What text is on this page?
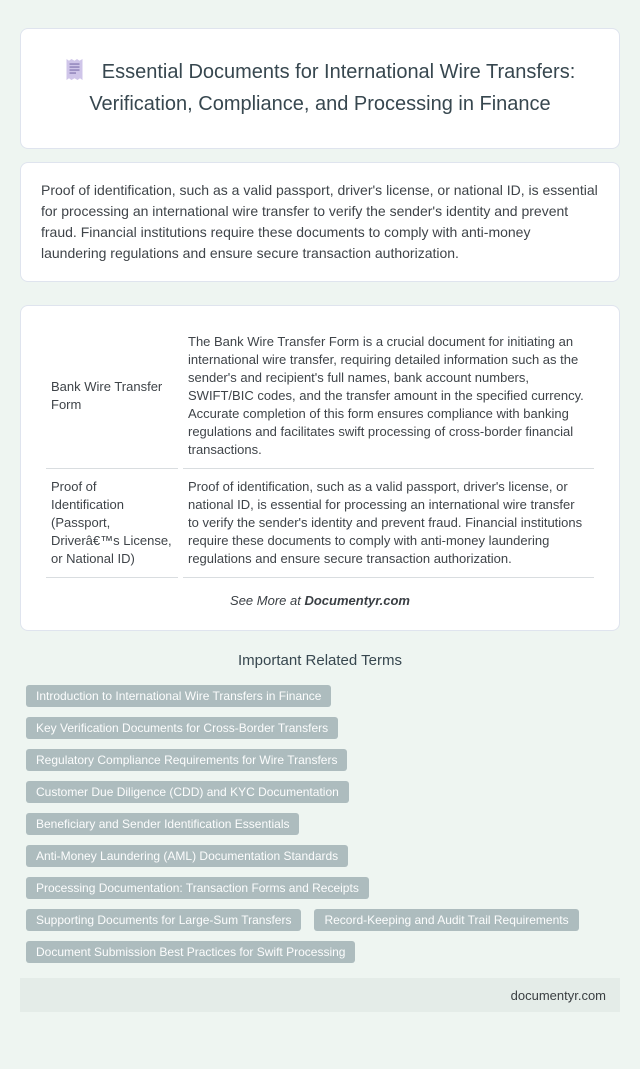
Essential Documents for International Wire Transfers: Verification, Compliance, and Processing in Finance

Proof of identification, such as a valid passport, driver's license, or national ID, is essential for processing an international wire transfer to verify the sender's identity and prevent fraud. Financial institutions require these documents to comply with anti-money laundering regulations and ensure secure transaction authorization.

Bank Wire Transfer Form	The Bank Wire Transfer Form is a crucial document for initiating an international wire transfer, requiring detailed information such as the sender's and recipient's full names, bank account numbers, SWIFT/BIC codes, and the transfer amount in the specified currency. Accurate completion of this form ensures compliance with banking regulations and facilitates swift processing of cross-border financial transactions.
Proof of Identification (Passport, Driverâ€™s License, or National ID)	Proof of identification, such as a valid passport, driver's license, or national ID, is essential for processing an international wire transfer to verify the sender's identity and prevent fraud. Financial institutions require these documents to comply with anti-money laundering regulations and ensure secure transaction authorization.
See More at Documentyr.com
Important Related Terms
Introduction to International Wire Transfers in Finance
Key Verification Documents for Cross-Border Transfers
Regulatory Compliance Requirements for Wire Transfers
Customer Due Diligence (CDD) and KYC Documentation
Beneficiary and Sender Identification Essentials
Anti-Money Laundering (AML) Documentation Standards
Processing Documentation: Transaction Forms and Receipts
Supporting Documents for Large-Sum Transfers	Record-Keeping and Audit Trail Requirements
Document Submission Best Practices for Swift Processing
documentyr.com
